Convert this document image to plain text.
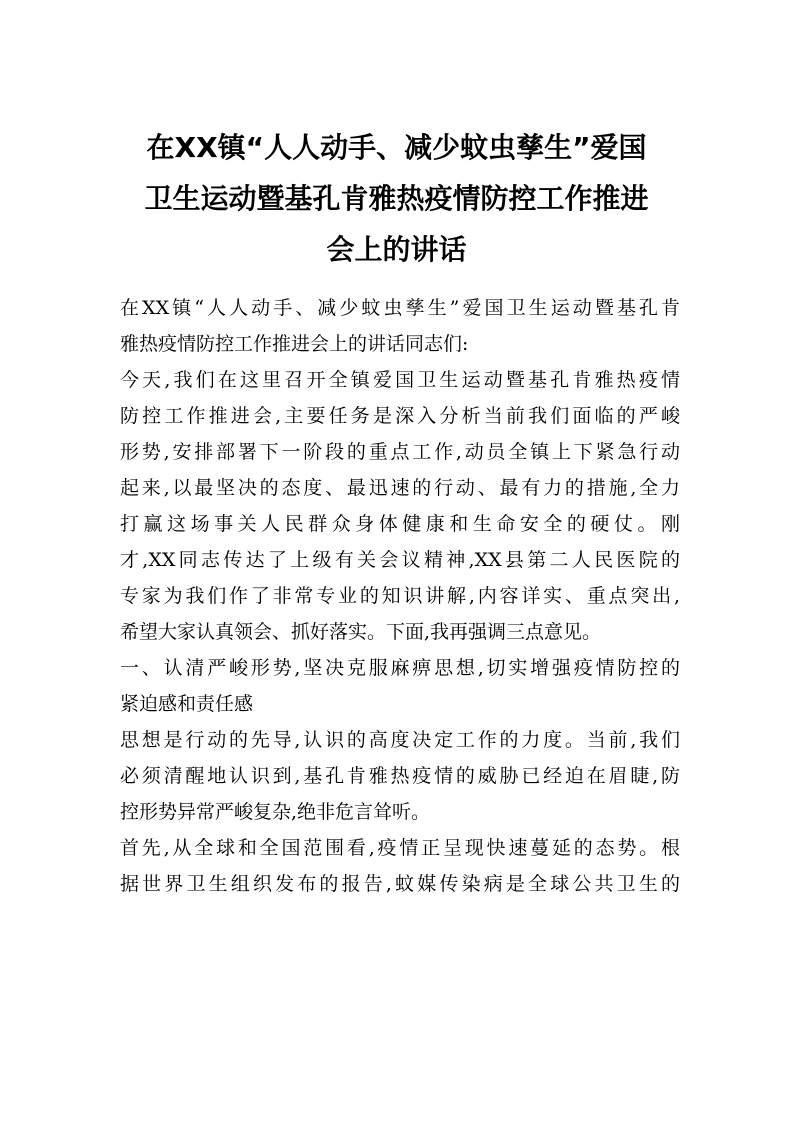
在XX镇“人人动手、减少蚊虫孳生”爱国
卫生运动暨基孔肯雅热疫情防控工作推进
会上的讲话

在XX镇“人人动手、减少蚊虫孳生”爱国卫生运动暨基孔肯
雅热疫情防控工作推进会上的讲话同志们:

今天,我们在这里召开全镇爱国卫生运动暨基孔肯雅热疫情
防控工作推进会,主要任务是深入分析当前我们面临的严峻
形势,安排部署下一阶段的重点工作,动员全镇上下紧急行动
起来,以最坚决的态度、最迅速的行动、最有力的措施,全力
打赢这场事关人民群众身体健康和生命安全的硬仗。刚
才,XX同志传达了上级有关会议精神,XX县第二人民医院的
专家为我们作了非常专业的知识讲解,内容详实、重点突出,
希望大家认真领会、抓好落实。下面,我再强调三点意见。

一、认清严峻形势,坚决克服麻痹思想,切实增强疫情防控的
紧迫感和责任感

思想是行动的先导,认识的高度决定工作的力度。当前,我们
必须清醒地认识到,基孔肯雅热疫情的威胁已经迫在眉睫,防
控形势异常严峻复杂,绝非危言耸听。

首先,从全球和全国范围看,疫情正呈现快速蔓延的态势。根
据世界卫生组织发布的报告,蚊媒传染病是全球公共卫生的
